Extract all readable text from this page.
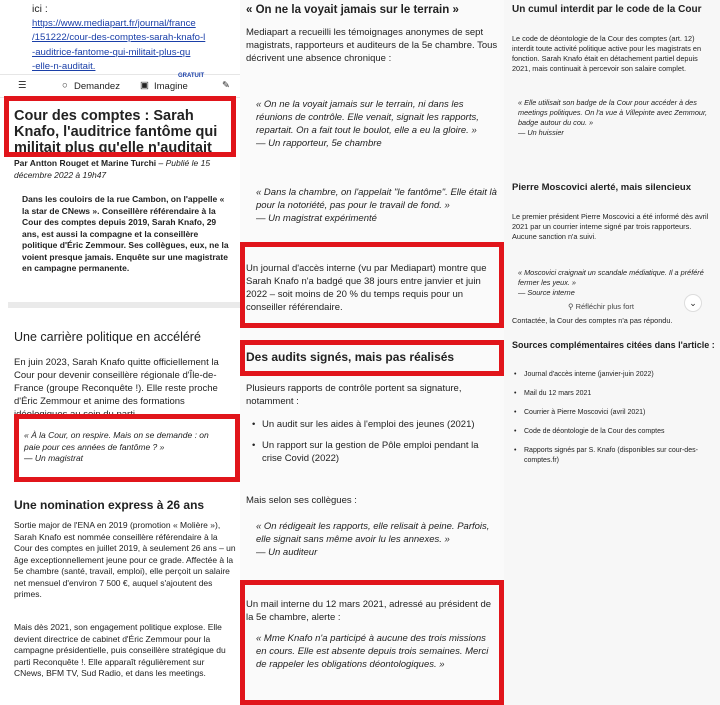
ici :
https://www.mediapart.fr/journal/france
/151222/cour-des-comptes-sarah-knafo-l
-auditrice-fantome-qui-militait-plus-qu
-elle-n-auditait.
☰	○ Demandez ▣ Imagine
GRATUIT
✎
Cour des comptes : Sarah Knafo, l'auditrice fantôme qui militait plus qu'elle n'auditait
Par Antton Rouget et Marine Turchi – Publié le 15 décembre 2022 à 19h47

Dans les couloirs de la rue Cambon, on l'appelle « la star de CNews ». Conseillère référendaire à la Cour des comptes depuis 2019, Sarah Knafo, 29 ans, est aussi la compagne et la conseillère politique d'Éric Zemmour. Ses collègues, eux, ne la voient presque jamais. Enquête sur une magistrate en campagne permanente.

Une carrière politique en accéléré

En juin 2023, Sarah Knafo quitte officiellement la Cour pour devenir conseillère régionale d'Île-de-France (groupe Reconquête !). Elle reste proche d'Éric Zemmour et anime des formations idéologiques au sein du parti.

« À la Cour, on respire. Mais on se demande : on paie pour ces années de fantôme ? »
— Un magistrat
Une nomination express à 26 ans

Sortie major de l'ENA en 2019 (promotion « Molière »), Sarah Knafo est nommée conseillère référendaire à la Cour des comptes en juillet 2019, à seulement 26 ans – un âge exceptionnellement jeune pour ce grade. Affectée à la 5e chambre (santé, travail, emploi), elle perçoit un salaire net mensuel d'environ 7 500 €, auquel s'ajoutent des primes.

Mais dès 2021, son engagement politique explose. Elle devient directrice de cabinet d'Éric Zemmour pour la campagne présidentielle, puis conseillère stratégique du parti Reconquête !. Elle apparaît régulièrement sur CNews, BFM TV, Sud Radio, et dans les meetings.

« On ne la voyait jamais sur le terrain »

Mediapart a recueilli les témoignages anonymes de sept magistrats, rapporteurs et auditeurs de la 5e chambre. Tous décrivent une absence chronique :

« On ne la voyait jamais sur le terrain, ni dans les réunions de contrôle. Elle venait, signait les rapports, repartait. On a fait tout le boulot, elle a eu la gloire. »
— Un rapporteur, 5e chambre
« Dans la chambre, on l'appelait "le fantôme". Elle était là pour la notoriété, pas pour le travail de fond. »
— Un magistrat expérimenté

Un journal d'accès interne (vu par Mediapart) montre que Sarah Knafo n'a badgé que 38 jours entre janvier et juin 2022 – soit moins de 20 % du temps requis pour un conseiller référendaire.

Des audits signés, mais pas réalisés

Plusieurs rapports de contrôle portent sa signature, notamment :

• Un audit sur les aides à l'emploi des jeunes (2021)
• Un rapport sur la gestion de Pôle emploi pendant la crise Covid (2022)

Mais selon ses collègues :

« On rédigeait les rapports, elle relisait à peine. Parfois, elle signait sans même avoir lu les annexes. »
— Un auditeur

Un mail interne du 12 mars 2021, adressé au président de la 5e chambre, alerte :

« Mme Knafo n'a participé à aucune des trois missions en cours. Elle est absente depuis trois semaines. Merci de rappeler les obligations déontologiques. »

Un cumul interdit par le code de la Cour

Le code de déontologie de la Cour des comptes (art. 12) interdit toute activité politique active pour les magistrats en fonction. Sarah Knafo était en détachement partiel depuis 2021, mais continuait à percevoir son salaire complet.

« Elle utilisait son badge de la Cour pour accéder à des meetings politiques. On l'a vue à Villepinte avec Zemmour, badge autour du cou. »
— Un huissier
Pierre Moscovici alerté, mais silencieux

Le premier président Pierre Moscovici a été informé dès avril 2021 par un courrier interne signé par trois rapporteurs. Aucune sanction n'a suivi.

« Moscovici craignait un scandale médiatique. Il a préféré fermer les yeux. »
— Source interne
⚲ Réfléchir plus fort	⌄

Contactée, la Cour des comptes n'a pas répondu.

Sources complémentaires citées dans l'article :
• Journal d'accès interne (janvier-juin 2022)
• Mail du 12 mars 2021
• Courrier à Pierre Moscovici (avril 2021)
• Code de déontologie de la Cour des comptes
• Rapports signés par S. Knafo (disponibles sur cour-des-comptes.fr)
